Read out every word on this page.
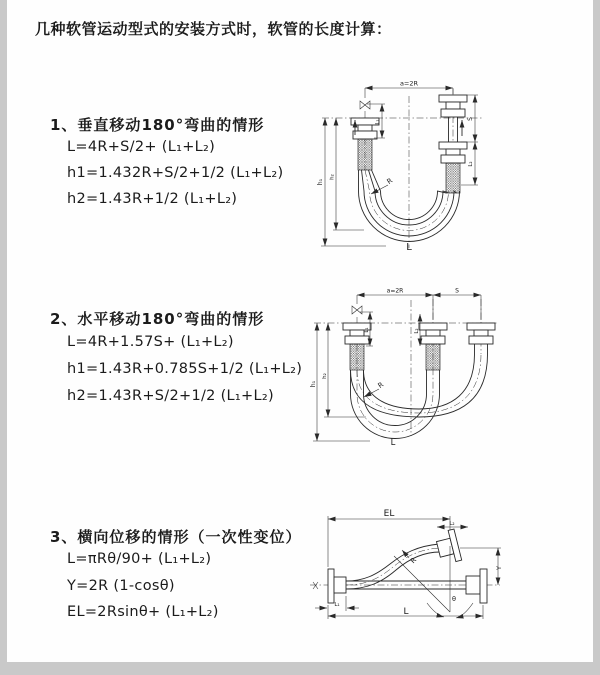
几种软管运动型式的安装方式时，软管的长度计算：
1、垂直移动180°弯曲的情形
L=4R+S/2+ (L₁+L₂)
h1=1.432R+S/2+1/2 (L₁+L₂)
h2=1.43R+1/2 (L₁+L₂)
a=2R
h₁
h₂
L₁
S
L₂
R
L
2、水平移动180°弯曲的情形
L=4R+1.57S+ (L₁+L₂)
h1=1.43R+0.785S+1/2 (L₁+L₂)
h2=1.43R+S/2+1/2 (L₁+L₂)
a=2R	S
h₁
h₂
L₁	L₂
R
L
3、横向位移的情形（一次性变位）
L=πRθ/90+ (L₁+L₂)
Y=2R (1-cosθ)
EL=2Rsinθ+ (L₁+L₂)
EL
L₂
Y
R
θ
L
L₁
